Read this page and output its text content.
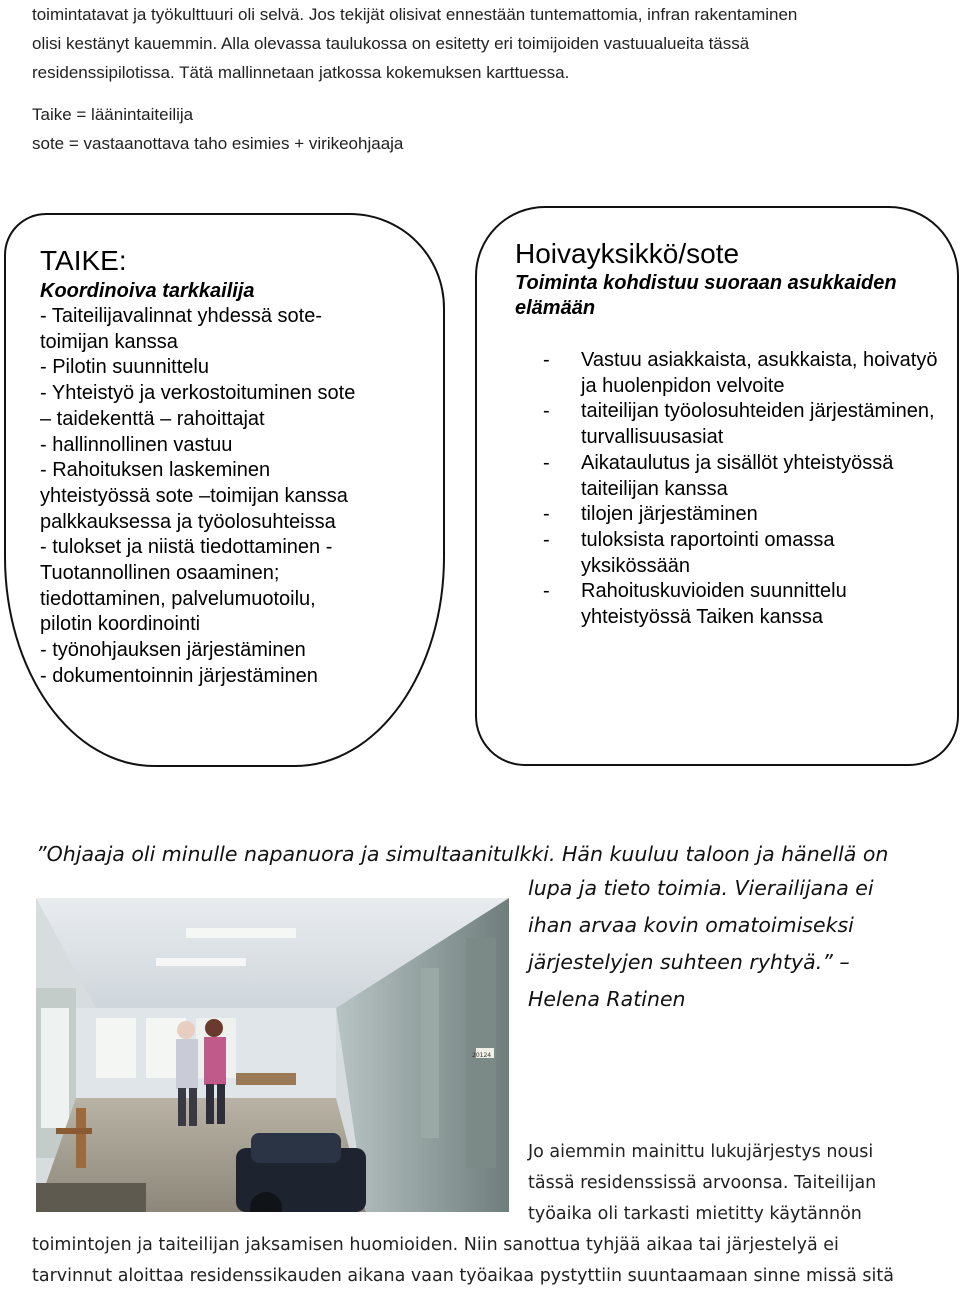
toimintatavat ja työkulttuuri oli selvä. Jos tekijät olisivat ennestään tuntemattomia, infran rakentaminen

olisi kestänyt kauemmin. Alla olevassa taulukossa on esitetty eri toimijoiden vastuualueita tässä

residenssipilotissa. Tätä mallinnetaan jatkossa kokemuksen karttuessa.

Taike = läänintaiteilija
sote = vastaanottava taho esimies + virikeohjaaja
TAIKE:
Koordinoiva tarkkailija
- Taiteilijavalinnat yhdessä sote-
toimijan kanssa
- Pilotin suunnittelu
- Yhteistyö ja verkostoituminen sote
– taidekenttä – rahoittajat
- hallinnollinen vastuu
- Rahoituksen laskeminen
yhteistyössä sote –toimijan kanssa
palkkauksessa ja työolosuhteissa
- tulokset ja niistä tiedottaminen -
Tuotannollinen osaaminen;
tiedottaminen, palvelumuotoilu,
pilotin koordinointi
- työnohjauksen järjestäminen
- dokumentoinnin järjestäminen
Hoivayksikkö/sote
Toiminta kohdistuu suoraan asukkaiden elämään
- Vastuu asiakkaista, asukkaista, hoivatyö ja huolenpidon velvoite
- taiteilijan työolosuhteiden järjestäminen, turvallisuusasiat
- Aikataulutus ja sisällöt yhteistyössä taiteilijan kanssa
- tilojen järjestäminen
- tuloksista raportointi omassa yksikössään
- Rahoituskuvioiden suunnittelu yhteistyössä Taiken kanssa
”Ohjaaja oli minulle napanuora ja simultaanitulkki. Hän kuuluu taloon ja hänellä on
lupa ja tieto toimia. Vierailijana ei
ihan arvaa kovin omatoimiseksi
järjestelyjen suhteen ryhtyä.” –
Helena Ratinen
20124

Jo aiemmin mainittu lukujärjestys nousi

tässä residenssissä arvoonsa. Taiteilijan

työaika oli tarkasti mietitty käytännön

toimintojen ja taiteilijan jaksamisen huomioiden. Niin sanottua tyhjää aikaa tai järjestelyä ei

tarvinnut aloittaa residenssikauden aikana vaan työaikaa pystyttiin suuntaamaan sinne missä sitä
